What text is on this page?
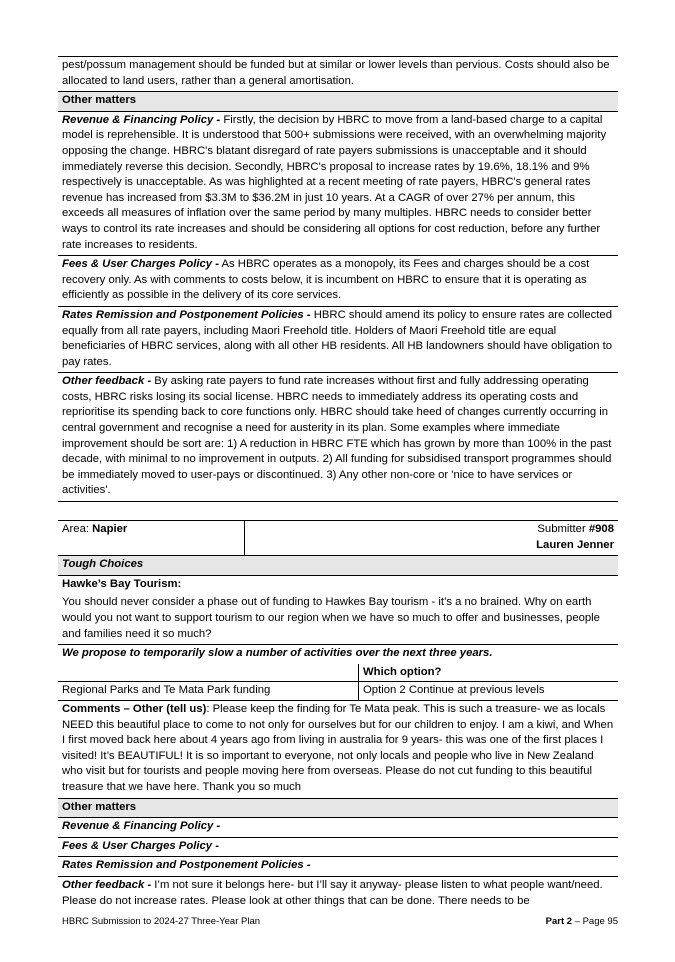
pest/possum management should be funded but at similar or lower levels than pervious. Costs should also be allocated to land users, rather than a general amortisation.
Other matters
Revenue & Financing Policy - Firstly, the decision by HBRC to move from a land-based charge to a capital model is reprehensible. It is understood that 500+ submissions were received, with an overwhelming majority opposing the change. HBRC's blatant disregard of rate payers submissions is unacceptable and it should immediately reverse this decision. Secondly, HBRC's proposal to increase rates by 19.6%, 18.1% and 9% respectively is unacceptable. As was highlighted at a recent meeting of rate payers, HBRC's general rates revenue has increased from $3.3M to $36.2M in just 10 years. At a CAGR of over 27% per annum, this exceeds all measures of inflation over the same period by many multiples. HBRC needs to consider better ways to control its rate increases and should be considering all options for cost reduction, before any further rate increases to residents.
Fees & User Charges Policy - As HBRC operates as a monopoly, its Fees and charges should be a cost recovery only. As with comments to costs below, it is incumbent on HBRC to ensure that it is operating as efficiently as possible in the delivery of its core services.
Rates Remission and Postponement Policies - HBRC should amend its policy to ensure rates are collected equally from all rate payers, including Maori Freehold title. Holders of Maori Freehold title are equal beneficiaries of HBRC services, along with all other HB residents. All HB landowners should have obligation to pay rates.
Other feedback - By asking rate payers to fund rate increases without first and fully addressing operating costs, HBRC risks losing its social license. HBRC needs to immediately address its operating costs and reprioritise its spending back to core functions only. HBRC should take heed of changes currently occurring in central government and recognise a need for austerity in its plan. Some examples where immediate improvement should be sort are: 1) A reduction in HBRC FTE which has grown by more than 100% in the past decade, with minimal to no improvement in outputs. 2) All funding for subsidised transport programmes should be immediately moved to user-pays or discontinued. 3) Any other non-core or 'nice to have services or activities'.
Area: Napier	Submitter #908
Lauren Jenner
Tough Choices
Hawke’s Bay Tourism:
You should never consider a phase out of funding to Hawkes Bay tourism - it’s a no brained. Why on earth would you not want to support tourism to our region when we have so much to offer and businesses, people and families need it so much?
We propose to temporarily slow a number of activities over the next three years.
Which option?
Regional Parks and Te Mata Park funding	Option 2 Continue at previous levels
Comments – Other (tell us): Please keep the finding for Te Mata peak. This is such a treasure- we as locals NEED this beautiful place to come to not only for ourselves but for our children to enjoy. I am a kiwi, and When I first moved back here about 4 years ago from living in australia for 9 years- this was one of the first places I visited! It’s BEAUTIFUL! It is so important to everyone, not only locals and people who live in New Zealand who visit but for tourists and people moving here from overseas. Please do not cut funding to this beautiful treasure that we have here. Thank you so much
Other matters
Revenue & Financing Policy -
Fees & User Charges Policy -
Rates Remission and Postponement Policies -
Other feedback - I’m not sure it belongs here- but I’ll say it anyway- please listen to what people want/need. Please do not increase rates. Please look at other things that can be done. There needs to be
HBRC Submission to 2024-27 Three-Year Plan	Part 2 – Page 95
